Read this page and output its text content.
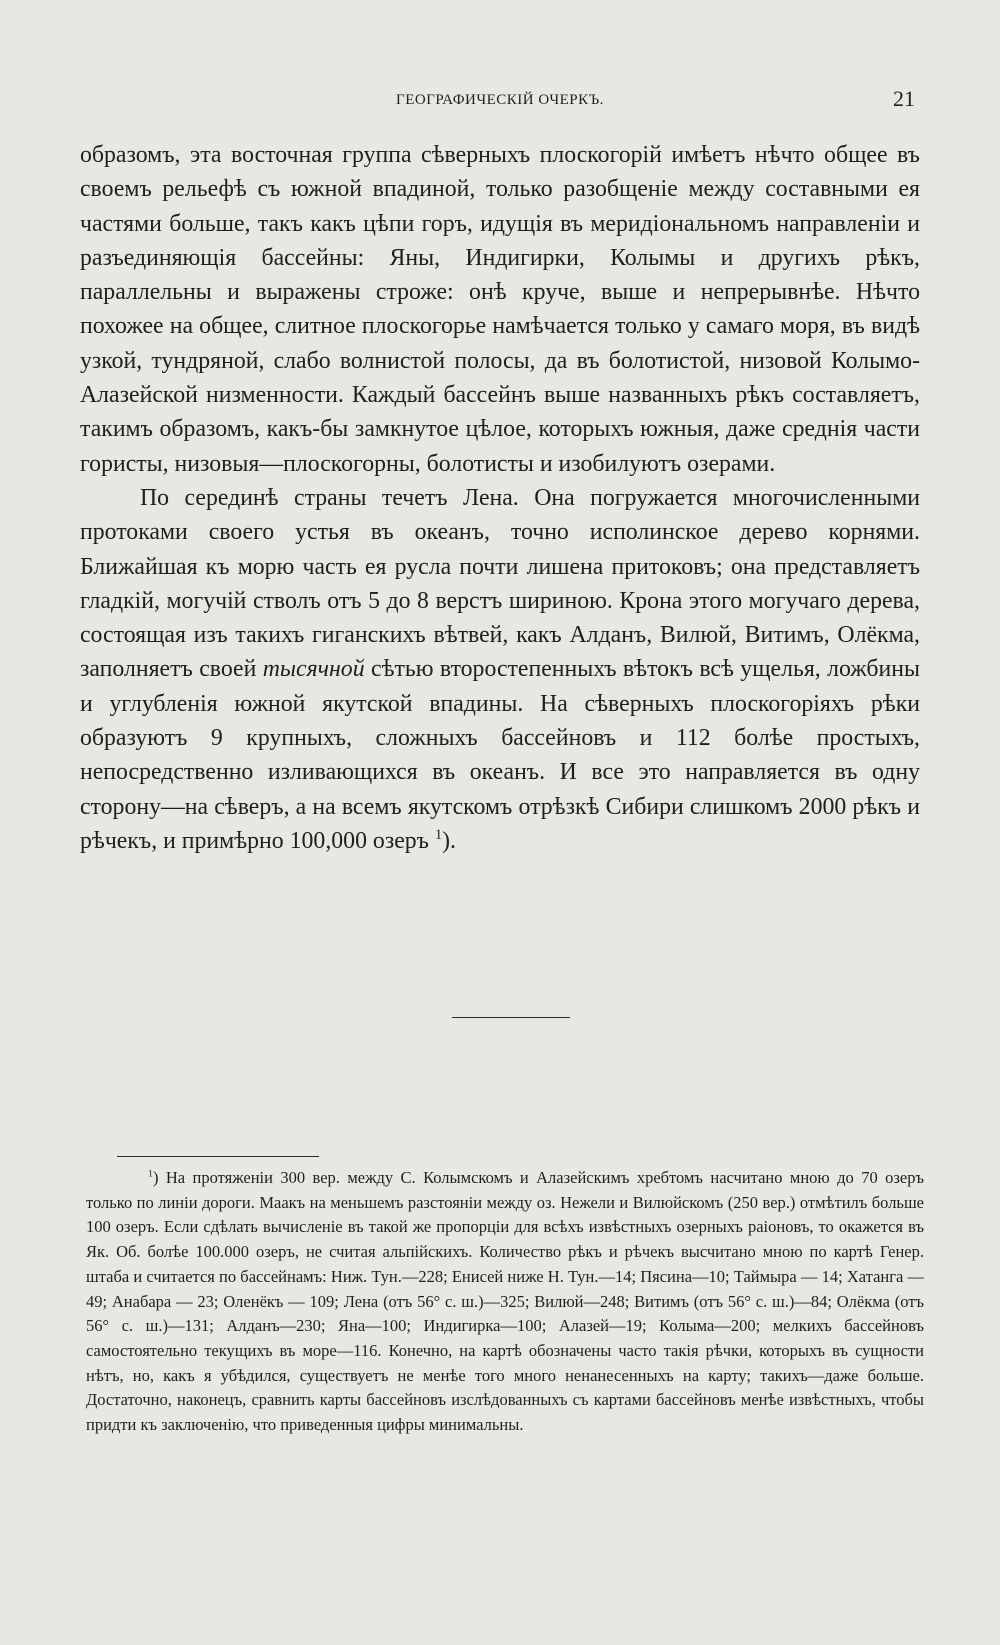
ГЕОГРАФИЧЕСКІЙ ОЧЕРКЪ.	21

образомъ, эта восточная группа сѣверныхъ плоскогорій имѣетъ нѣчто общее въ своемъ рельефѣ съ южной впадиной, только разобщеніе между составными ея частями больше, такъ какъ цѣпи горъ, идущія въ меридіональномъ направленіи и разъединяющія бассейны: Яны, Индигирки, Колымы и другихъ рѣкъ, параллельны и выражены строже: онѣ круче, выше и непрерывнѣе. Нѣчто похожее на общее, слитное плоскогорье намѣчается только у самаго моря, въ видѣ узкой, тундряной, слабо волнистой полосы, да въ болотистой, низовой Колымо-Алазейской низменности. Каждый бассейнъ выше названныхъ рѣкъ составляетъ, такимъ образомъ, какъ-бы замкнутое цѣлое, которыхъ южныя, даже среднія части гористы, низовыя—плоскогорны, болотисты и изобилуютъ озерами.

По серединѣ страны течетъ Лена. Она погружается многочисленными протоками своего устья въ океанъ, точно исполинское дерево корнями. Ближайшая къ морю часть ея русла почти лишена притоковъ; она представляетъ гладкій, могучій стволъ отъ 5 до 8 верстъ шириною. Крона этого могучаго дерева, состоящая изъ такихъ гиганскихъ вѣтвей, какъ Алданъ, Вилюй, Витимъ, Олёкма, заполняетъ своей тысячной сѣтью второстепенныхъ вѣтокъ всѣ ущелья, ложбины и углубленія южной якутской впадины. На сѣверныхъ плоскогоріяхъ рѣки образуютъ 9 крупныхъ, сложныхъ бассейновъ и 112 болѣе простыхъ, непосредственно изливающихся въ океанъ. И все это направляется въ одну сторону—на сѣверъ, а на всемъ якутскомъ отрѣзкѣ Сибири слишкомъ 2000 рѣкъ и рѣчекъ, и примѣрно 100,000 озеръ $^1$).

$^1$) На протяженіи 300 вер. между С. Колымскомъ и Алазейскимъ хребтомъ насчитано мною до 70 озеръ только по линіи дороги. Маакъ на меньшемъ разстояніи между оз. Нежели и Вилюйскомъ (250 вер.) отмѣтилъ больше 100 озеръ. Если сдѣлать вычисленіе въ такой же пропорціи для всѣхъ извѣстныхъ озерныхъ раіоновъ, то окажется въ Як. Об. болѣе 100.000 озеръ, не считая альпійскихъ. Количество рѣкъ и рѣчекъ высчитано мною по картѣ Генер. штаба и считается по бассейнамъ: Ниж. Тун.—228; Енисей ниже Н. Тун.—14; Пясина—10; Таймыра — 14; Хатанга — 49; Анабара — 23; Оленёкъ — 109; Лена (отъ 56° с. ш.)—325; Вилюй—248; Витимъ (отъ 56° с. ш.)—84; Олёкма (отъ 56° с. ш.)—131; Алданъ—230; Яна—100; Индигирка—100; Алазей—19; Колыма—200; мелкихъ бассейновъ самостоятельно текущихъ въ море—116. Конечно, на картѣ обозначены часто такія рѣчки, которыхъ въ сущности нѣтъ, но, какъ я убѣдился, существуетъ не менѣе того много ненанесенныхъ на карту; такихъ—даже больше. Достаточно, наконецъ, сравнить карты бассейновъ изслѣдованныхъ съ картами бассейновъ менѣе извѣстныхъ, чтобы придти къ заключенію, что приведенныя цифры минимальны.
